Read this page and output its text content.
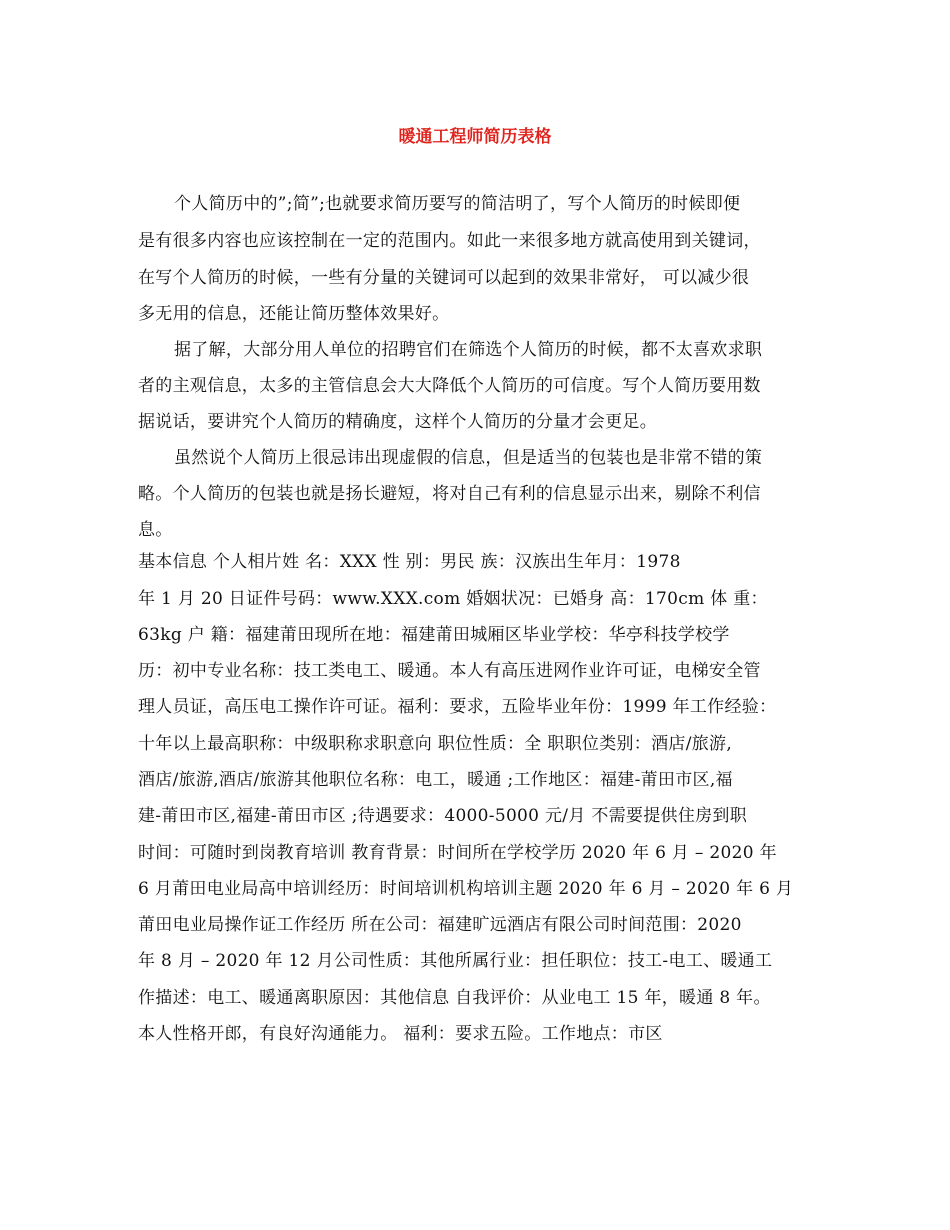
暖通工程师简历表格
个人简历中的”;简”;也就要求简历要写的简洁明了，写个人简历的时候即便
是有很多内容也应该控制在一定的范围内。如此一来很多地方就高使用到关键词，
在写个人简历的时候，一些有分量的关键词可以起到的效果非常好， 可以减少很
多无用的信息，还能让简历整体效果好。
据了解，大部分用人单位的招聘官们在筛选个人简历的时候，都不太喜欢求职
者的主观信息，太多的主管信息会大大降低个人简历的可信度。写个人简历要用数
据说话，要讲究个人简历的精确度，这样个人简历的分量才会更足。
虽然说个人简历上很忌讳出现虚假的信息，但是适当的包装也是非常不错的策
略。个人简历的包装也就是扬长避短，将对自己有利的信息显示出来，剔除不利信
息。
基本信息 个人相片姓 名：XXX 性 别：男民 族：汉族出生年月：1978
年 1 月 20 日证件号码：www.XXX.com 婚姻状况：已婚身 高：170cm 体 重：
63kg 户 籍：福建莆田现所在地：福建莆田城厢区毕业学校：华亭科技学校学
历：初中专业名称：技工类电工、暖通。本人有高压进网作业许可证，电梯安全管
理人员证，高压电工操作许可证。福利：要求，五险毕业年份：1999 年工作经验：
十年以上最高职称：中级职称求职意向 职位性质：全 职职位类别：酒店/旅游,
酒店/旅游,酒店/旅游其他职位名称：电工，暖通 ;工作地区：福建-莆田市区,福
建-莆田市区,福建-莆田市区 ;待遇要求：4000-5000 元/月 不需要提供住房到职
时间：可随时到岗教育培训 教育背景：时间所在学校学历 2020 年 6 月 – 2020 年
6 月莆田电业局高中培训经历：时间培训机构培训主题 2020 年 6 月 – 2020 年 6 月
莆田电业局操作证工作经历 所在公司：福建旷远酒店有限公司时间范围：2020
年 8 月 – 2020 年 12 月公司性质：其他所属行业：担任职位：技工-电工、暖通工
作描述：电工、暖通离职原因：其他信息 自我评价：从业电工 15 年，暖通 8 年。
本人性格开郎，有良好沟通能力。 福利：要求五险。工作地点：市区
